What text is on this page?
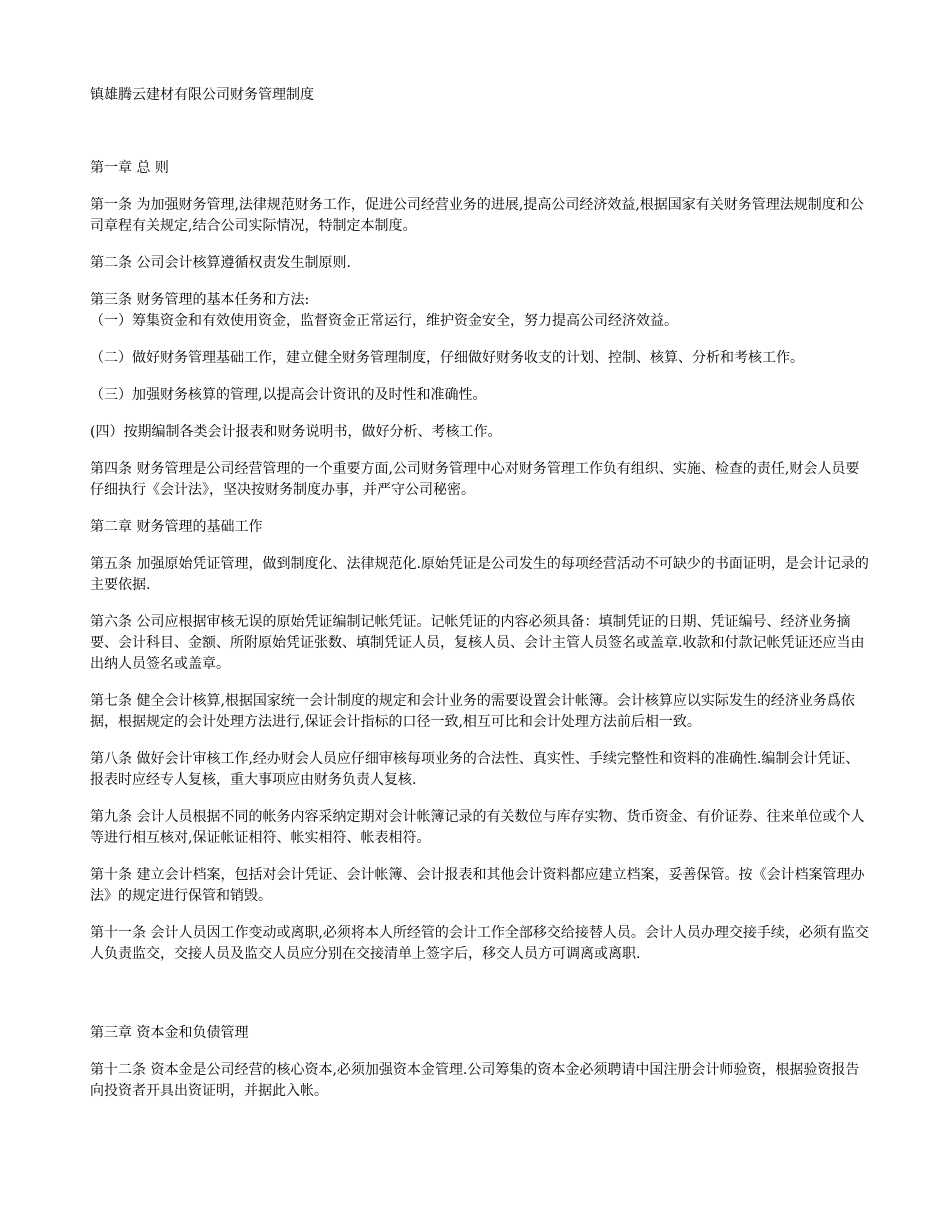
镇雄腾云建材有限公司财务管理制度

第一章 总 则

第一条 为加强财务管理,法律规范财务工作，促进公司经营业务的进展,提高公司经济效益,根据国家有关财务管理法规制度和公司章程有关规定,结合公司实际情况，特制定本制度。

第二条 公司会计核算遵循权责发生制原则.

第三条 财务管理的基本任务和方法:

（一）筹集资金和有效使用资金，监督资金正常运行，维护资金安全，努力提高公司经济效益。

（二）做好财务管理基础工作，建立健全财务管理制度，仔细做好财务收支的计划、控制、核算、分析和考核工作。

（三）加强财务核算的管理,以提高会计资讯的及时性和准确性。

(四）按期编制各类会计报表和财务说明书，做好分析、考核工作。

第四条 财务管理是公司经营管理的一个重要方面,公司财务管理中心对财务管理工作负有组织、实施、检查的责任,财会人员要仔细执行《会计法》，坚决按财务制度办事，并严守公司秘密。

第二章 财务管理的基础工作

第五条 加强原始凭证管理，做到制度化、法律规范化.原始凭证是公司发生的每项经营活动不可缺少的书面证明，是会计记录的主要依据.

第六条 公司应根据审核无误的原始凭证编制记帐凭证。记帐凭证的内容必须具备：填制凭证的日期、凭证编号、经济业务摘要、会计科目、金额、所附原始凭证张数、填制凭证人员，复核人员、会计主管人员签名或盖章.收款和付款记帐凭证还应当由出纳人员签名或盖章。

第七条 健全会计核算,根据国家统一会计制度的规定和会计业务的需要设置会计帐簿。会计核算应以实际发生的经济业务爲依据，根据规定的会计处理方法进行,保证会计指标的口径一致,相互可比和会计处理方法前后相一致。

第八条 做好会计审核工作,经办财会人员应仔细审核每项业务的合法性、真实性、手续完整性和资料的准确性.编制会计凭证、报表时应经专人复核，重大事项应由财务负责人复核.

第九条 会计人员根据不同的帐务内容采纳定期对会计帐簿记录的有关数位与库存实物、货币资金、有价证券、往来单位或个人等进行相互核对,保证帐证相符、帐实相符、帐表相符。

第十条 建立会计档案，包括对会计凭证、会计帐簿、会计报表和其他会计资料都应建立档案，妥善保管。按《会计档案管理办法》的规定进行保管和销毁。

第十一条 会计人员因工作变动或离职,必须将本人所经管的会计工作全部移交给接替人员。会计人员办理交接手续，必须有监交人负责监交，交接人员及监交人员应分别在交接清单上签字后，移交人员方可调离或离职.

第三章 资本金和负债管理

第十二条 资本金是公司经营的核心资本,必须加强资本金管理.公司筹集的资本金必须聘请中国注册会计师验资，根据验资报告向投资者开具出资证明，并据此入帐。
